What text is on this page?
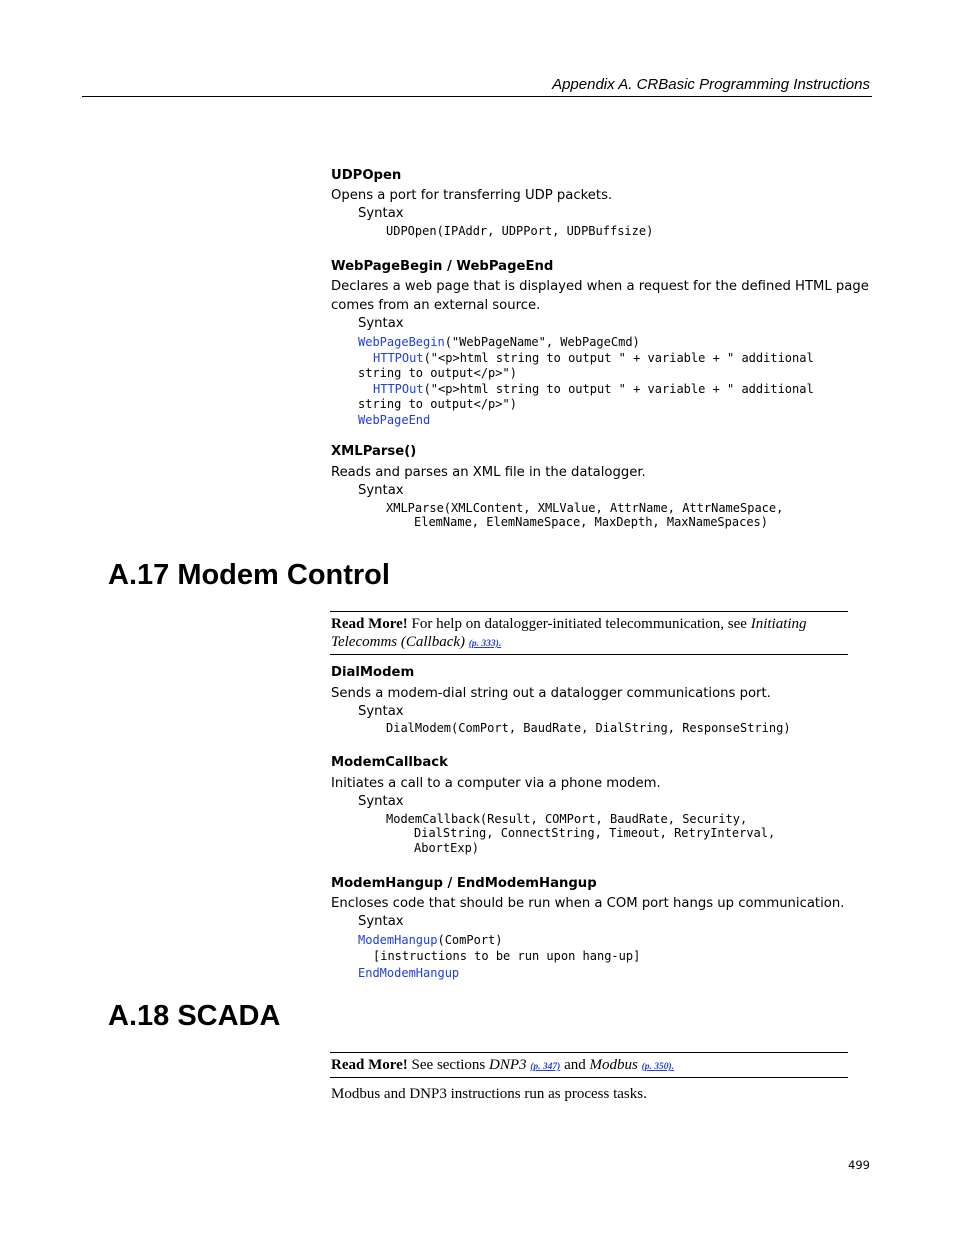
Appendix A. CRBasic Programming Instructions
UDPOpen
Opens a port for transferring UDP packets.
Syntax
UDPOpen(IPAddr, UDPPort, UDPBuffsize)
WebPageBegin / WebPageEnd
Declares a web page that is displayed when a request for the defined HTML page
comes from an external source.
Syntax
WebPageBegin("WebPageName", WebPageCmd)
HTTPOut("<p>html string to output " + variable + " additional
string to output</p>")
HTTPOut("<p>html string to output " + variable + " additional
string to output</p>")
WebPageEnd
XMLParse()
Reads and parses an XML file in the datalogger.
Syntax
XMLParse(XMLContent, XMLValue, AttrName, AttrNameSpace,
ElemName, ElemNameSpace, MaxDepth, MaxNameSpaces)
A.17 Modem Control
Read More! For help on datalogger-initiated telecommunication, see Initiating
Telecomms (Callback) (p. 333).
DialModem
Sends a modem-dial string out a datalogger communications port.
Syntax
DialModem(ComPort, BaudRate, DialString, ResponseString)
ModemCallback
Initiates a call to a computer via a phone modem.
Syntax
ModemCallback(Result, COMPort, BaudRate, Security,
DialString, ConnectString, Timeout, RetryInterval,
AbortExp)
ModemHangup / EndModemHangup
Encloses code that should be run when a COM port hangs up communication.
Syntax
ModemHangup(ComPort)
[instructions to be run upon hang-up]
EndModemHangup
A.18 SCADA
Read More! See sections DNP3 (p. 347) and Modbus (p. 350).
Modbus and DNP3 instructions run as process tasks.
499
